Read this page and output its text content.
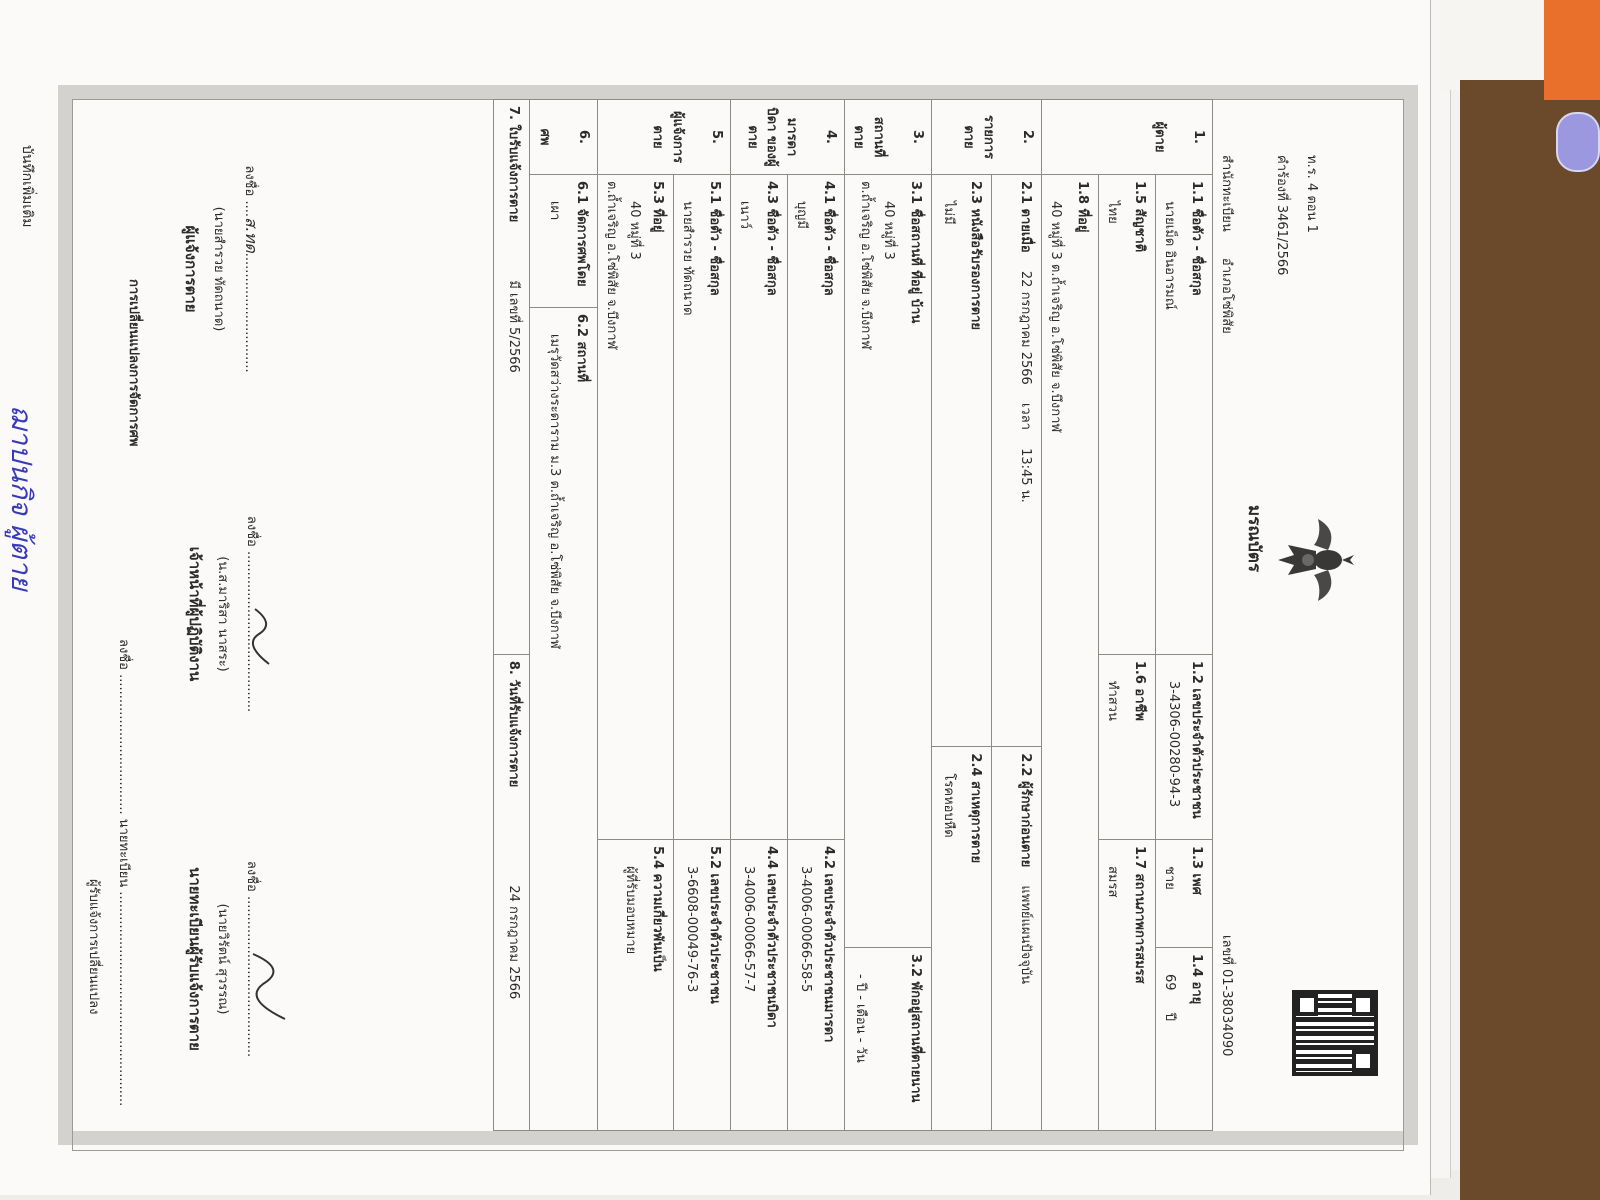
ท.ร. 4 ตอน 1
คำร้องที่ 3461/2566
สำนักทะเบียน อำเภอโซ่พิสัย
มรณบัตร
เลขที่ 01-38034090
1.

ผู้ตาย	1.1 ชื่อตัว - ชื่อสกุล
นายเม็ด อินอารมณ์		1.2 เลขประจำตัวประชาชน
3-4306-00280-94-3		1.3 เพศ
ชาย	1.4 อายุ
69 ปี

	1.5 สัญชาติ
ไทย		1.6 อาชีพ
ทำสวน		1.7 สถานภาพการสมรส
สมรส	

	1.8 ที่อยู่
40 หมู่ที่ 3 ต.ถ้ำเจริญ อ.โซ่พิสัย จ.บึงกาฬ					

2.

รายการตาย	2.1 ตายเมื่อ 22 กรกฎาคม 2566 เวลา 13:45 น.			2.2 ผู้รักษาก่อนตาย แพทย์แผนปัจจุบัน		

	2.3 หนังสือรับรองการตาย
ไม่มี			2.4 สาเหตุการตาย
โรคหอบหืด		

3.

สถานที่ตาย	3.1 ชื่อสถานที่ ที่อยู่ บ้าน
40 หมู่ที่ 3
ต.ถ้ำเจริญ อ.โซ่พิสัย จ.บึงกาฬ					3.2 พักอยู่สถานที่ตายนาน
- ปี - เดือน - วัน

4.

มารดา บิดา ของผู้ตาย	4.1 ชื่อตัว - ชื่อสกุล
บุญมี				4.2 เลขประจำตัวประชาชนมารดา
3-4006-00066-58-5	

	4.3 ชื่อตัว - ชื่อสกุล
เนาว์				4.4 เลขประจำตัวประชาชนบิดา
3-4006-00066-57-7	

5.

ผู้แจ้งการตาย	5.1 ชื่อตัว - ชื่อสกุล
นายสำรวย ทัดถนาด				5.2 เลขประจำตัวประชาชน
3-6608-00049-76-3	

	5.3 ที่อยู่
40 หมู่ที่ 3
ต.ถ้ำเจริญ อ.โซ่พิสัย จ.บึงกาฬ				5.4 ความเกี่ยวพันเป็น
ผู้ที่รับมอบหมาย	

6.

ศพ	6.1 จัดการศพโดย
เผา	6.2 สถานที่
เมรุวัดสว่างระดาราม ม.3 ต.ถ้ำเจริญ อ.โซ่พิสัย จ.บึงกาฬ				

7. ใบรับแจ้งการตาย มี เลขที่ 5/2566			8. วันที่รับแจ้งการตาย 24 กรกฎาคม 2566			
ลงชื่อ ....ส.ทด.............................
(นายสำรวย ทัดถนาด)
ผู้แจ้งการตาย
ลงชื่อ .......................................
(น.ส.มาริสา นาสระ)
เจ้าหน้าที่ผู้ปฏิบัติงาน
ลงชื่อ .......................................
(นายวิรัตน์ สุวรรณ)
นายทะเบียนผู้รับแจ้งการตาย
การเปลี่ยนแปลงการจัดการศพ
ลงชื่อ .................................. นายทะเบียน ....................................................
ผู้รับแจ้งการเปลี่ยนแปลง
บันทึกเพิ่มเติม
ฌาปนกิจ ผู้ตาย
